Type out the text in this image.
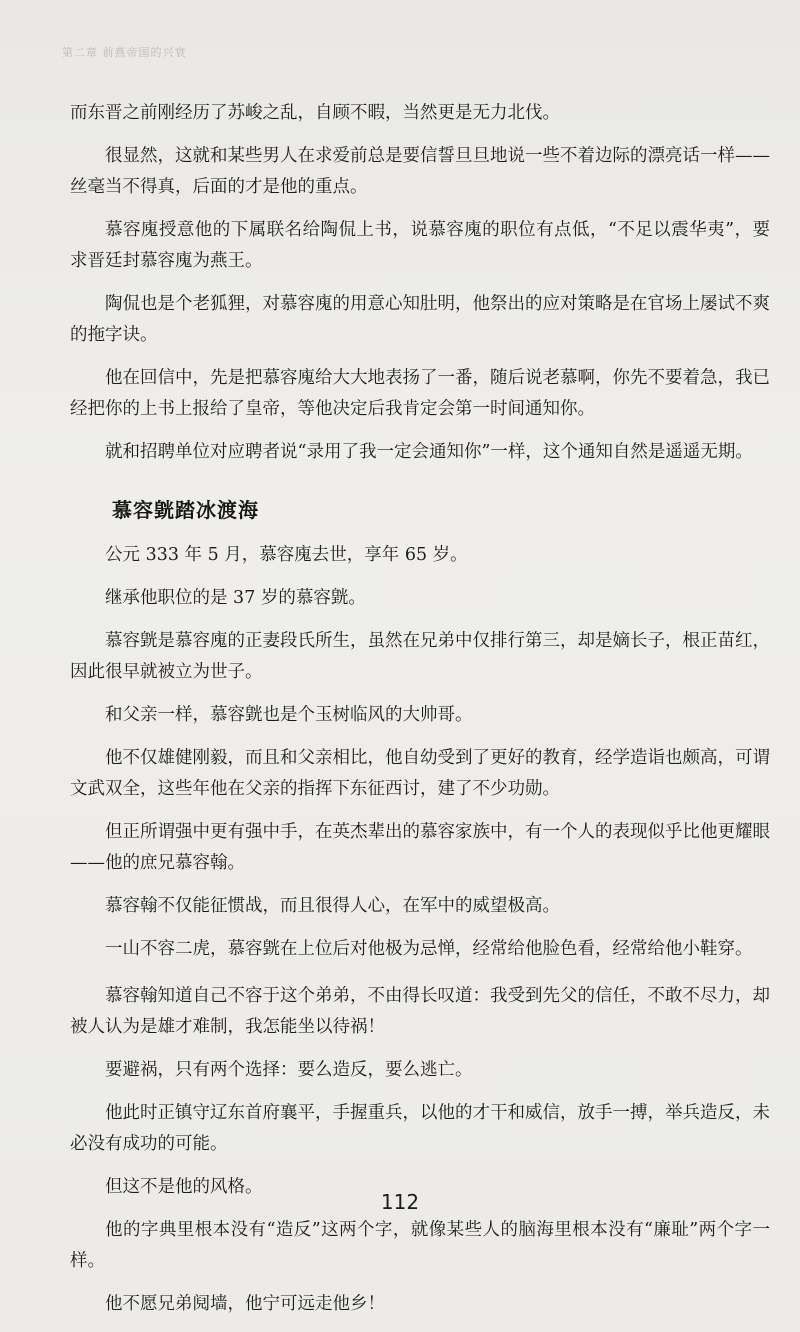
第二章 前燕帝国的兴衰

而东晋之前刚经历了苏峻之乱，自顾不暇，当然更是无力北伐。

很显然，这就和某些男人在求爱前总是要信誓旦旦地说一些不着边际的漂亮话一样——丝毫当不得真，后面的才是他的重点。

慕容廆授意他的下属联名给陶侃上书，说慕容廆的职位有点低，“不足以震华夷”，要求晋廷封慕容廆为燕王。

陶侃也是个老狐狸，对慕容廆的用意心知肚明，他祭出的应对策略是在官场上屡试不爽的拖字诀。

他在回信中，先是把慕容廆给大大地表扬了一番，随后说老慕啊，你先不要着急，我已经把你的上书上报给了皇帝，等他决定后我肯定会第一时间通知你。

就和招聘单位对应聘者说“录用了我一定会通知你”一样，这个通知自然是遥遥无期。

慕容皝踏冰渡海

公元 333 年 5 月，慕容廆去世，享年 65 岁。

继承他职位的是 37 岁的慕容皝。

慕容皝是慕容廆的正妻段氏所生，虽然在兄弟中仅排行第三，却是嫡长子，根正苗红，因此很早就被立为世子。

和父亲一样，慕容皝也是个玉树临风的大帅哥。

他不仅雄健刚毅，而且和父亲相比，他自幼受到了更好的教育，经学造诣也颇高，可谓文武双全，这些年他在父亲的指挥下东征西讨，建了不少功勋。

但正所谓强中更有强中手，在英杰辈出的慕容家族中，有一个人的表现似乎比他更耀眼——他的庶兄慕容翰。

慕容翰不仅能征惯战，而且很得人心，在军中的威望极高。

一山不容二虎，慕容皝在上位后对他极为忌惮，经常给他脸色看，经常给他小鞋穿。

慕容翰知道自己不容于这个弟弟，不由得长叹道：我受到先父的信任，不敢不尽力，却被人认为是雄才难制，我怎能坐以待祸！

要避祸，只有两个选择：要么造反，要么逃亡。

他此时正镇守辽东首府襄平，手握重兵，以他的才干和威信，放手一搏，举兵造反，未必没有成功的可能。

但这不是他的风格。

他的字典里根本没有“造反”这两个字，就像某些人的脑海里根本没有“廉耻”两个字一样。

他不愿兄弟阋墙，他宁可远走他乡！

112
